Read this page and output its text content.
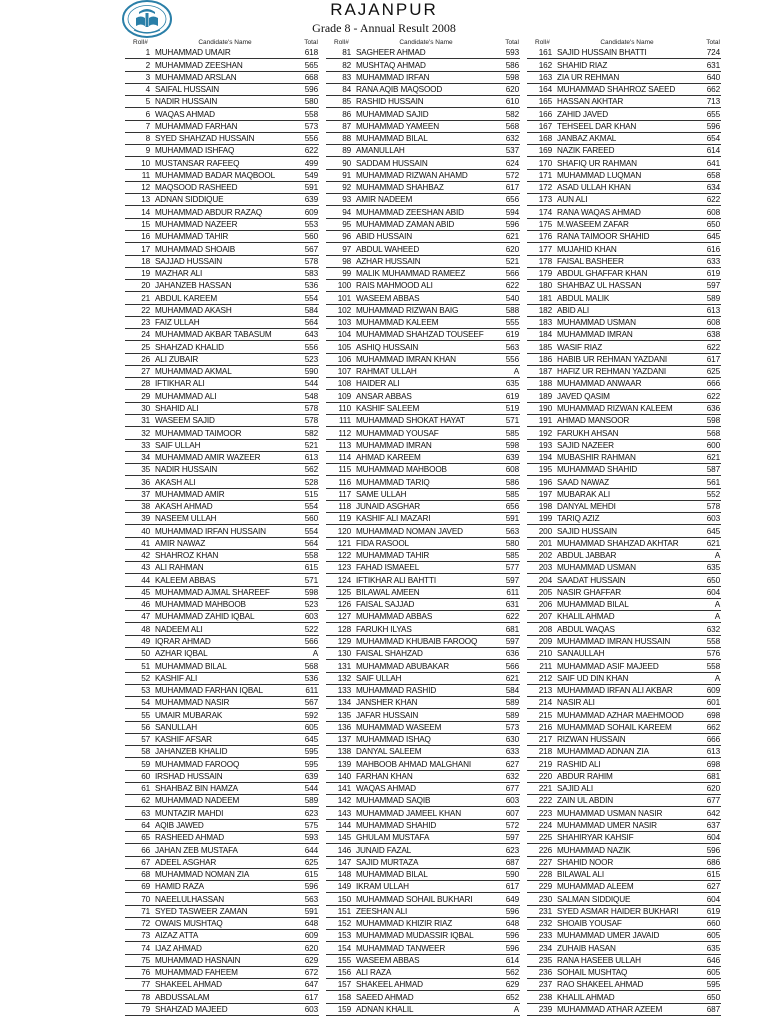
RAJANPUR
Grade 8 - Annual Result 2008
Roll#	Candidate's Name	Total
1 MUHAMMAD UMAIR	618
2 MUHAMMAD ZEESHAN	565
3 MUHAMMAD ARSLAN	668
4 SAIFAL HUSSAIN	596
5 NADIR HUSSAIN	580
6 WAQAS AHMAD	558
7 MUHAMMAD FARHAN	573
8 SYED SHAHZAD HUSSAIN	556
9 MUHAMMAD ISHFAQ	622
10 MUSTANSAR RAFEEQ	499
11 MUHAMMAD BADAR MAQBOOL	549
12 MAQSOOD RASHEED	591
13 ADNAN SIDDIQUE	639
14 MUHAMMAD ABDUR RAZAQ	609
15 MUHAMMAD NAZEER	553
16 MUHAMMAD TAHIR	560
17 MUHAMMAD SHOAIB	567
18 SAJJAD HUSSAIN	578
19 MAZHAR ALI	583
20 JAHANZEB HASSAN	536
21 ABDUL KAREEM	554
22 MUHAMMAD AKASH	584
23 FAIZ ULLAH	564
24 MUHAMMAD AKBAR TABASUM	643
25 SHAHZAD KHALID	556
26 ALI ZUBAIR	523
27 MUHAMMAD AKMAL	590
28 IFTIKHAR ALI	544
29 MUHAMMAD ALI	548
30 SHAHID ALI	578
31 WASEEM SAJID	578
32 MUHAMMAD TAIMOOR	582
33 SAIF ULLAH	521
34 MUHAMMAD AMIR WAZEER	613
35 NADIR HUSSAIN	562
36 AKASH ALI	528
37 MUHAMMAD AMIR	515
38 AKASH AHMAD	554
39 NASEEM ULLAH	560
40 MUHAMMAD IRFAN HUSSAIN	554
41 AMIR NAWAZ	564
42 SHAHROZ KHAN	558
43 ALI RAHMAN	615
44 KALEEM ABBAS	571
45 MUHAMMAD AJMAL SHAREEF	598
46 MUHAMMAD MAHBOOB	523
47 MUHAMMAD ZAHID IQBAL	603
48 NADEEM ALI	522
49 IQRAR AHMAD	566
50 AZHAR IQBAL	A
51 MUHAMMAD BILAL	568
52 KASHIF ALI	536
53 MUHAMMAD FARHAN IQBAL	611
54 MUHAMMAD NASIR	567
55 UMAIR MUBARAK	592
56 SANULLAH	605
57 KASHIF AFSAR	645
58 JAHANZEB KHALID	595
59 MUHAMMAD FAROOQ	595
60 IRSHAD HUSSAIN	639
61 SHAHBAZ BIN HAMZA	544
62 MUHAMMAD NADEEM	589
63 MUNTAZIR MAHDI	623
64 AQIB JAWED	575
65 RASHEED AHMAD	593
66 JAHAN ZEB MUSTAFA	644
67 ADEEL ASGHAR	625
68 MUHAMMAD NOMAN ZIA	615
69 HAMID RAZA	596
70 NAEELULHASSAN	563
71 SYED TASWEER ZAMAN	591
72 OWAIS MUSHTAQ	648
73 AIZAZ ATTA	609
74 IJAZ AHMAD	620
75 MUHAMMAD HASNAIN	629
76 MUHAMMAD FAHEEM	672
77 SHAKEEL AHMAD	647
78 ABDUSSALAM	617
79 SHAHZAD MAJEED	603
Roll#	Candidate's Name	Total
81 SAGHEER AHMAD	593
82 MUSHTAQ AHMAD	586
83 MUHAMMAD IRFAN	598
84 RANA AQIB MAQSOOD	620
85 RASHID HUSSAIN	610
86 MUHAMMAD SAJID	582
87 MUHAMMAD YAMEEN	568
88 MUHAMMAD BILAL	632
89 AMANULLAH	537
90 SADDAM HUSSAIN	624
91 MUHAMMAD RIZWAN AHAMD	572
92 MUHAMMAD SHAHBAZ	617
93 AMIR NADEEM	656
94 MUHAMMAD ZEESHAN ABID	594
95 MUHAMMAD ZAMAN ABID	596
96 ABID HUSSAIN	621
97 ABDUL WAHEED	620
98 AZHAR HUSSAIN	521
99 MALIK MUHAMMAD RAMEEZ	566
100 RAIS MAHMOOD ALI	622
101 WASEEM ABBAS	540
102 MUHAMMAD RIZWAN BAIG	588
103 MUHAMMAD KALEEM	555
104 MUHAMMAD SHAHZAD TOUSEEF	619
105 ASHIQ HUSSAIN	563
106 MUHAMMAD IMRAN KHAN	556
107 RAHMAT ULLAH	A
108 HAIDER ALI	635
109 ANSAR ABBAS	619
110 KASHIF SALEEM	519
111 MUHAMMAD SHOKAT HAYAT	571
112 MUHAMMAD YOUSAF	585
113 MUHAMMAD IMRAN	598
114 AHMAD KAREEM	639
115 MUHAMMAD MAHBOOB	608
116 MUHAMMAD TARIQ	586
117 SAME ULLAH	585
118 JUNAID ASGHAR	656
119 KASHIF ALI MAZARI	591
120 MUHAMMAD NOMAN JAVED	563
121 FIDA RASOOL	580
122 MUHAMMAD TAHIR	585
123 FAHAD ISMAEEL	577
124 IFTIKHAR ALI BAHTTI	597
125 BILAWAL AMEEN	611
126 FAISAL SAJJAD	631
127 MUHAMMAD ABBAS	622
128 FARUKH ILYAS	681
129 MUHAMMAD KHUBAIB FAROOQ	597
130 FAISAL SHAHZAD	636
131 MUHAMMAD ABUBAKAR	566
132 SAIF ULLAH	621
133 MUHAMMAD RASHID	584
134 JANSHER KHAN	589
135 JAFAR HUSSAIN	589
136 MUHAMMAD WASEEM	573
137 MUHAMMAD ISHAQ	630
138 DANYAL SALEEM	633
139 MAHBOOB AHMAD MALGHANI	627
140 FARHAN KHAN	632
141 WAQAS AHMAD	677
142 MUHAMMAD SAQIB	603
143 MUHAMMAD JAMEEL KHAN	607
144 MUHAMMAD SHAHID	572
145 GHULAM MUSTAFA	597
146 JUNAID FAZAL	623
147 SAJID MURTAZA	687
148 MUHAMMAD BILAL	590
149 IKRAM ULLAH	617
150 MUHAMMAD SOHAIL BUKHARI	649
151 ZEESHAN ALI	596
152 MUHAMMAD KHIZIR RIAZ	648
153 MUHAMMAD MUDASSIR IQBAL	596
154 MUHAMMAD TANWEER	596
155 WASEEM ABBAS	614
156 ALI RAZA	562
157 SHAKEEL AHMAD	629
158 SAEED AHMAD	652
159 ADNAN KHALIL	A
Roll#	Candidate's Name	Total
161 SAJID HUSSAIN BHATTI	724
162 SHAHID RIAZ	631
163 ZIA UR REHMAN	640
164 MUHAMMAD SHAHROZ SAEED	662
165 HASSAN AKHTAR	713
166 ZAHID JAVED	655
167 TEHSEEL DAR KHAN	596
168 JANBAZ AKMAL	654
169 NAZIK FAREED	614
170 SHAFIQ UR RAHMAN	641
171 MUHAMMAD LUQMAN	658
172 ASAD ULLAH KHAN	634
173 AUN ALI	622
174 RANA WAQAS AHMAD	608
175 M.WASEEM ZAFAR	650
176 RANA TAIMOOR SHAHID	645
177 MUJAHID KHAN	616
178 FAISAL BASHEER	633
179 ABDUL GHAFFAR KHAN	619
180 SHAHBAZ UL HASSAN	597
181 ABDUL MALIK	589
182 ABID ALI	613
183 MUHAMMAD USMAN	608
184 MUHAMMAD IMRAN	638
185 WASIF RIAZ	622
186 HABIB UR REHMAN YAZDANI	617
187 HAFIZ UR REHMAN YAZDANI	625
188 MUHAMMAD ANWAAR	666
189 JAVED QASIM	622
190 MUHAMMAD RIZWAN KALEEM	636
191 AHMAD MANSOOR	598
192 FARUKH AHSAN	568
193 SAJID NAZEER	600
194 MUBASHIR RAHMAN	621
195 MUHAMMAD SHAHID	587
196 SAAD NAWAZ	561
197 MUBARAK ALI	552
198 DANYAL MEHDI	578
199 TARIQ AZIZ	603
200 SAJID HUSSAIN	645
201 MUHAMMAD SHAHZAD AKHTAR	621
202 ABDUL JABBAR	A
203 MUHAMMAD USMAN	635
204 SAADAT HUSSAIN	650
205 NASIR GHAFFAR	604
206 MUHAMMAD BILAL	A
207 KHALIL AHMAD	A
208 ABDUL WAQAS	632
209 MUHAMMAD IMRAN HUSSAIN	558
210 SANAULLAH	576
211 MUHAMMAD ASIF MAJEED	558
212 SAIF UD DIN KHAN	A
213 MUHAMMAD IRFAN ALI AKBAR	609
214 NASIR ALI	601
215 MUHAMMAD AZHAR MAEHMOOD	698
216 MUHAMMAD SOHAIL KAREEM	662
217 RIZWAN HUSSAIN	666
218 MUHAMMAD ADNAN ZIA	613
219 RASHID ALI	698
220 ABDUR RAHIM	681
221 SAJID ALI	620
222 ZAIN UL ABDIN	677
223 MUHAMMAD USMAN NASIR	642
224 MUHAMMAD UMER NASIR	637
225 SHAHIRYAR KAHSIF	604
226 MUHAMMAD NAZIK	596
227 SHAHID NOOR	686
228 BILAWAL ALI	615
229 MUHAMMAD ALEEM	627
230 SALMAN SIDDIQUE	604
231 SYED ASMAR HAIDER BUKHARI	619
232 SHOAIB YOUSAF	660
233 MUHAMMAD UMER JAVAID	605
234 ZUHAIB HASAN	635
235 RANA HASEEB ULLAH	646
236 SOHAIL MUSHTAQ	605
237 RAO SHAKEEL AHMAD	595
238 KHALIL AHMAD	650
239 MUHAMMAD ATHAR AZEEM	687
